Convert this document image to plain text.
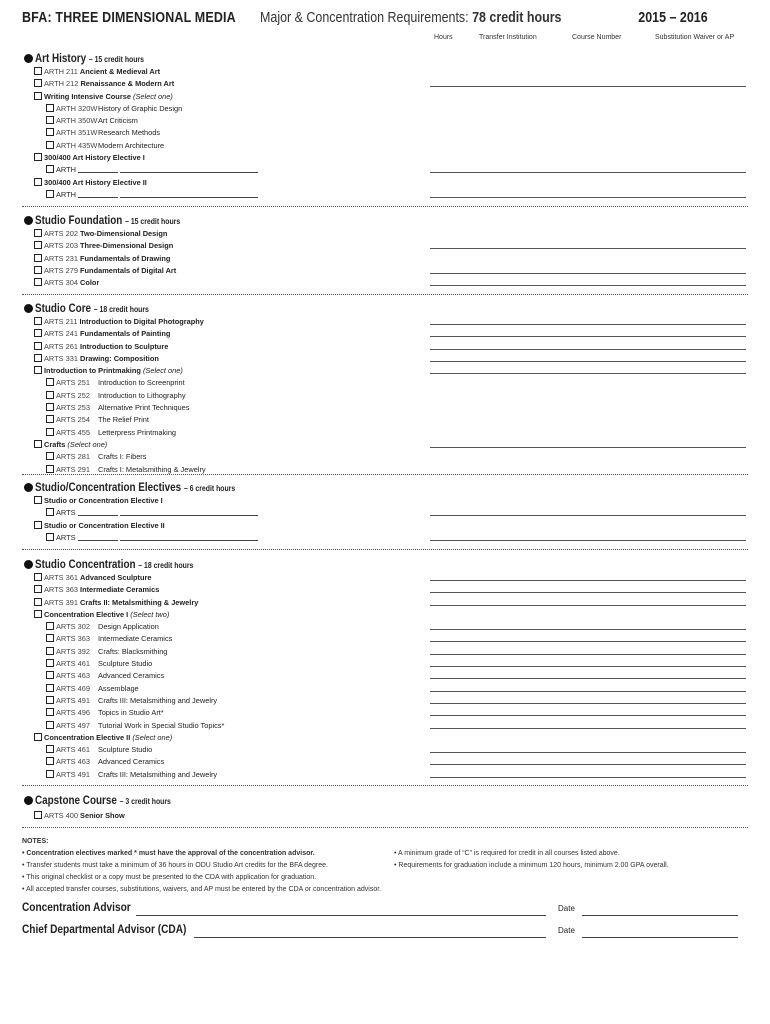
BFA: THREE DIMENSIONAL MEDIA Major & Concentration Requirements: 78 credit hours	2015 – 2016
Hours	Transfer Institution	Course Number	Substitution Waiver or AP
Art History – 15 credit hours
ARTH 211 Ancient & Medieval Art
ARTH 212 Renaissance & Modern Art
Writing Intensive Course (Select one)
ARTH 320WHistory of Graphic Design
ARTH 350WArt Criticism
ARTH 351WResearch Methods
ARTH 435WModern Architecture
300/400 Art History Elective I
ARTH
300/400 Art History Elective II
ARTH
Studio Foundation – 15 credit hours
ARTS 202 Two-Dimensional Design
ARTS 203 Three-Dimensional Design
ARTS 231 Fundamentals of Drawing
ARTS 279 Fundamentals of Digital Art
ARTS 304 Color
Studio Core – 18 credit hours
ARTS 211 Introduction to Digital Photography
ARTS 241 Fundamentals of Painting
ARTS 261 Introduction to Sculpture
ARTS 331 Drawing: Composition
Introduction to Printmaking (Select one)
ARTS 251 Introduction to Screenprint
ARTS 252 Introduction to Lithography
ARTS 253 Alternative Print Techniques
ARTS 254 The Relief Print
ARTS 455 Letterpress Printmaking
Crafts (Select one)
ARTS 281 Crafts I: Fibers
ARTS 291 Crafts I: Metalsmithing & Jewelry
Studio/Concentration Electives – 6 credit hours
Studio or Concentration Elective I
ARTS
Studio or Concentration Elective II
ARTS
Studio Concentration – 18 credit hours
ARTS 361 Advanced Sculpture
ARTS 363 Intermediate Ceramics
ARTS 391 Crafts II: Metalsmithing & Jewelry
Concentration Elective I (Select two)
ARTS 302 Design Application
ARTS 363 Intermediate Ceramics
ARTS 392 Crafts: Blacksmithing
ARTS 461 Sculpture Studio
ARTS 463 Advanced Ceramics
ARTS 469 Assemblage
ARTS 491 Crafts III: Metalsmithing and Jewelry
ARTS 496 Topics in Studio Art*
ARTS 497 Tutorial Work in Special Studio Topics*
Concentration Elective II (Select one)
ARTS 461 Sculpture Studio
ARTS 463 Advanced Ceramics
ARTS 491 Crafts III: Metalsmithing and Jewelry
Capstone Course – 3 credit hours
ARTS 400 Senior Show
NOTES:
• Concentration electives marked * must have the approval of the concentration advisor.	• A minimum grade of “C” is required for credit in all courses listed above.
• Transfer students must take a minimum of 36 hours in ODU Studio Art credits for the BFA degree.	• Requirements for graduation include a minimum 120 hours, minimum 2.00 GPA overall.
• This original checklist or a copy must be presented to the CDA with application for graduation.
• All accepted transfer courses, substitutions, waivers, and AP must be entered by the CDA or concentration advisor.
Concentration Advisor	Date
Chief Departmental Advisor (CDA)	Date
